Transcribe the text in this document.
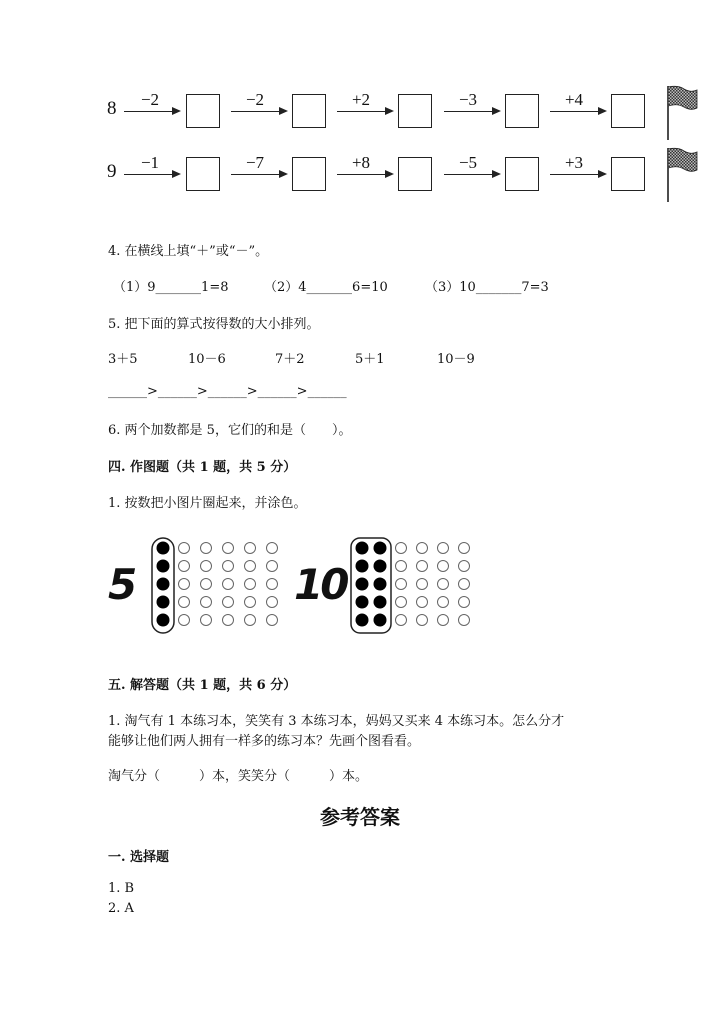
8	−2	−2	+2	−3	+4
9	−1	−7	+8	−5	+3
4. 在横线上填“＋”或“－”。
（1）9_______1=8	（2）4_______6=10	（3）10_______7=3
5. 把下面的算式按得数的大小排列。
3＋5	10－6	7＋2	5＋1	10－9
______>______>______>______>______
6. 两个加数都是 5，它们的和是（　　）。
四. 作图题（共 1 题，共 5 分）
1. 按数把小图片圈起来，并涂色。
5	10
五. 解答题（共 1 题，共 6 分）
1. 淘气有 1 本练习本，笑笑有 3 本练习本，妈妈又买来 4 本练习本。怎么分才
能够让他们两人拥有一样多的练习本？先画个图看看。
淘气分（　　　）本，笑笑分（　　　）本。
参考答案
一. 选择题
1. B
2. A
